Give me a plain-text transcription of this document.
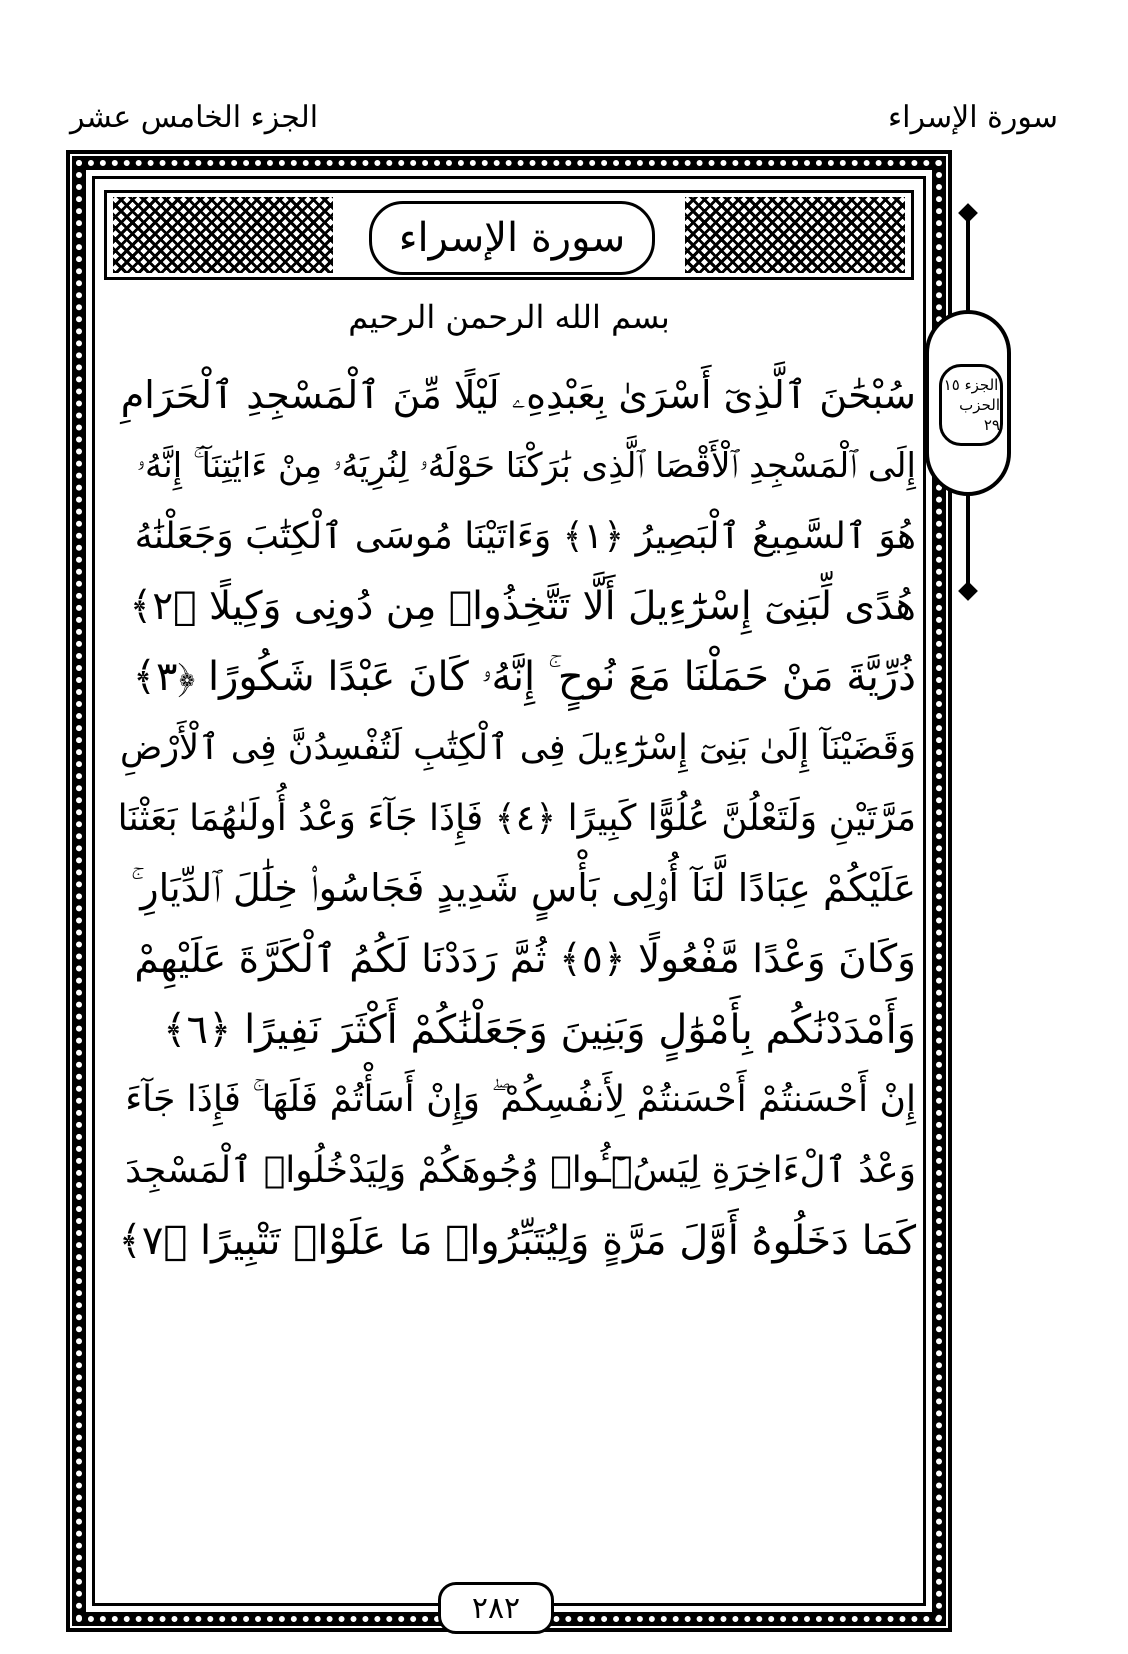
الجزء الخامس عشر	سورة الإسراء
سورة الإسراء
بسم الله الرحمن الرحيم
سُبْحَٰنَ ٱلَّذِىٓ أَسْرَىٰ بِعَبْدِهِۦ لَيْلًا مِّنَ ٱلْمَسْجِدِ ٱلْحَرَامِ
إِلَى ٱلْمَسْجِدِ ٱلْأَقْصَا ٱلَّذِى بَٰرَكْنَا حَوْلَهُۥ لِنُرِيَهُۥ مِنْ ءَايَٰتِنَآ ۚ إِنَّهُۥ
هُوَ ٱلسَّمِيعُ ٱلْبَصِيرُ ﴿١﴾ وَءَاتَيْنَا مُوسَى ٱلْكِتَٰبَ وَجَعَلْنَٰهُ
هُدًى لِّبَنِىٓ إِسْرَٰٓءِيلَ أَلَّا تَتَّخِذُوا۟ مِن دُونِى وَكِيلًا ﴿٢﴾
ذُرِّيَّةَ مَنْ حَمَلْنَا مَعَ نُوحٍ ۚ إِنَّهُۥ كَانَ عَبْدًا شَكُورًا ﴿٣﴾
وَقَضَيْنَآ إِلَىٰ بَنِىٓ إِسْرَٰٓءِيلَ فِى ٱلْكِتَٰبِ لَتُفْسِدُنَّ فِى ٱلْأَرْضِ
مَرَّتَيْنِ وَلَتَعْلُنَّ عُلُوًّا كَبِيرًا ﴿٤﴾ فَإِذَا جَآءَ وَعْدُ أُولَىٰهُمَا بَعَثْنَا
عَلَيْكُمْ عِبَادًا لَّنَآ أُو۟لِى بَأْسٍ شَدِيدٍ فَجَاسُوا۟ خِلَٰلَ ٱلدِّيَارِ ۚ
وَكَانَ وَعْدًا مَّفْعُولًا ﴿٥﴾ ثُمَّ رَدَدْنَا لَكُمُ ٱلْكَرَّةَ عَلَيْهِمْ
وَأَمْدَدْنَٰكُم بِأَمْوَٰلٍ وَبَنِينَ وَجَعَلْنَٰكُمْ أَكْثَرَ نَفِيرًا ﴿٦﴾
إِنْ أَحْسَنتُمْ أَحْسَنتُمْ لِأَنفُسِكُمْ ۖ وَإِنْ أَسَأْتُمْ فَلَهَا ۚ فَإِذَا جَآءَ
وَعْدُ ٱلْءَاخِرَةِ لِيَسُۥٓـُٔوا۟ وُجُوهَكُمْ وَلِيَدْخُلُوا۟ ٱلْمَسْجِدَ
كَمَا دَخَلُوهُ أَوَّلَ مَرَّةٍ وَلِيُتَبِّرُوا۟ مَا عَلَوْا۟ تَتْبِيرًا ﴿٧﴾
٢٨٢
الجزء ١٥
الحزب ٢٩
